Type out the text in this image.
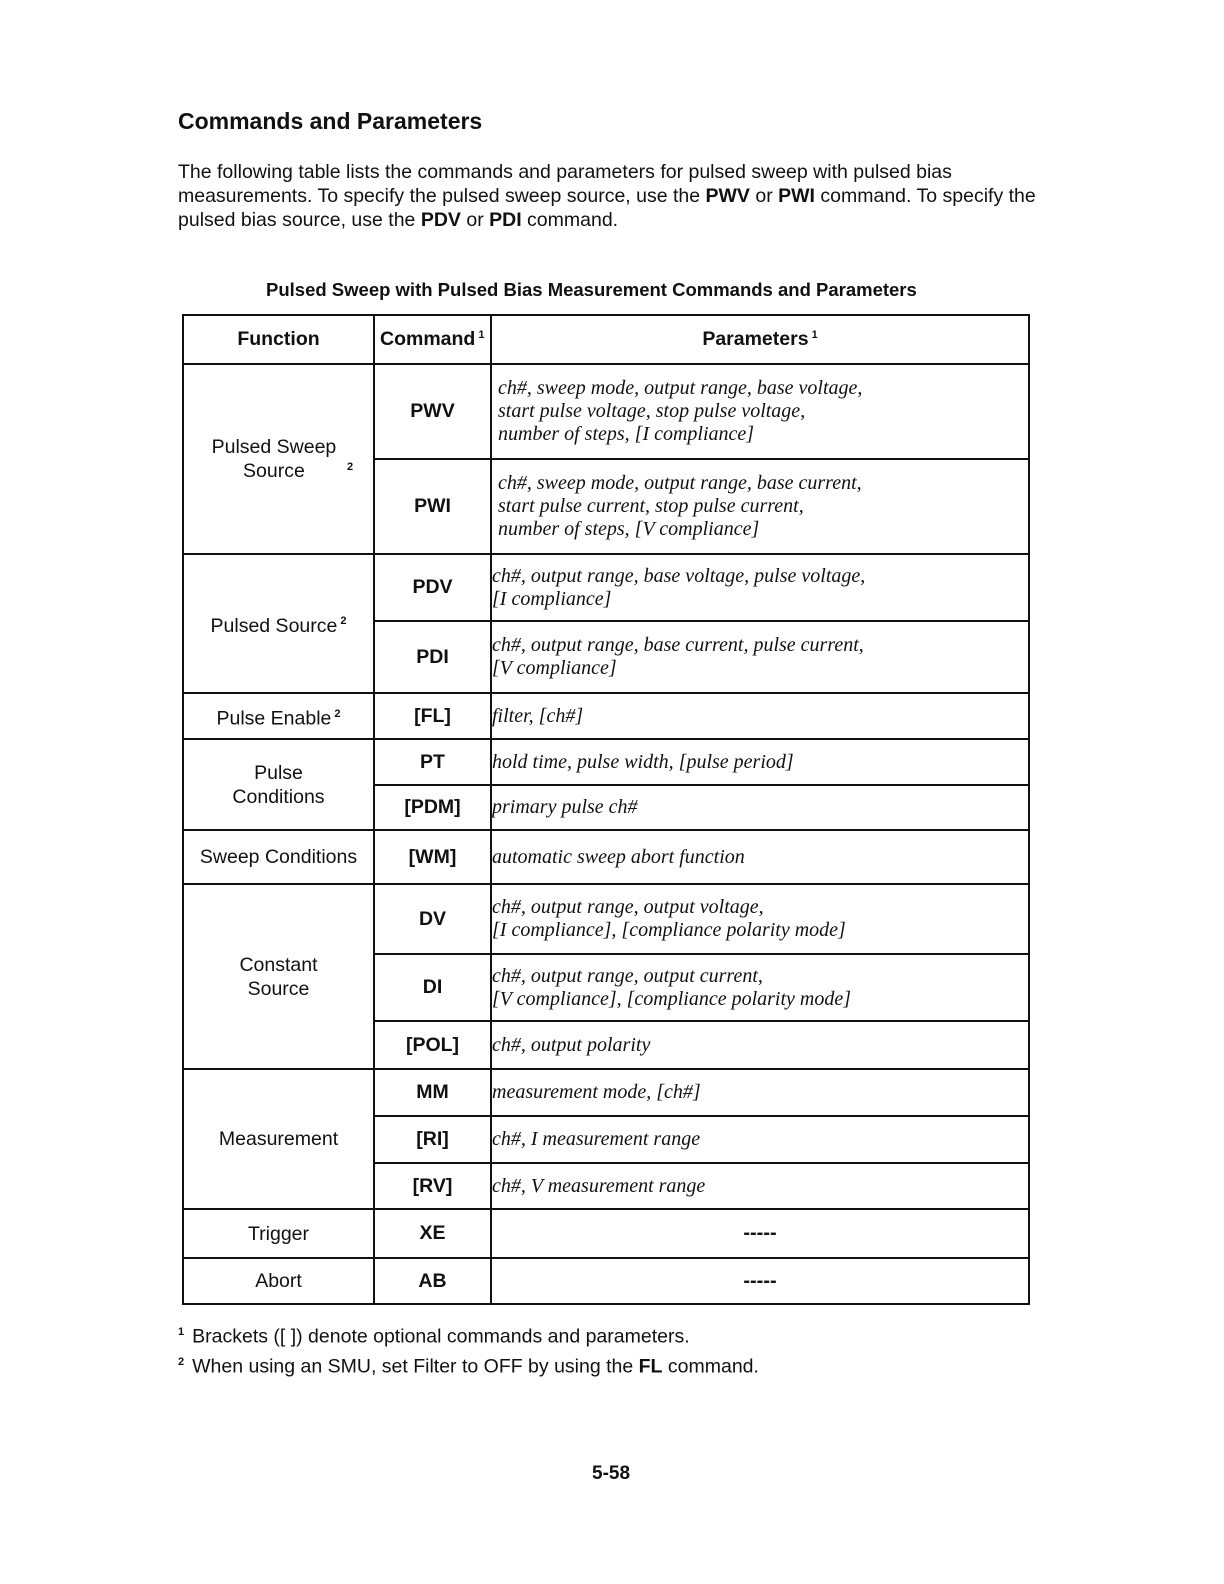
Commands and Parameters

The following table lists the commands and parameters for pulsed sweep with pulsed bias measurements. To specify the pulsed sweep source, use the PWV or PWI command. To specify the pulsed bias source, use the PDV or PDI command.

Pulsed Sweep with Pulsed Bias Measurement Commands and Parameters

Function	Command $^1$	Parameters $^1$
Pulsed Sweep Source $^2$	PWV	ch#, sweep mode, output range, base voltage,
start pulse voltage, stop pulse voltage,
number of steps, [I compliance]

	PWI	ch#, sweep mode, output range, base current,
start pulse current, stop pulse current,
number of steps, [V compliance]

Pulsed Source $^2$	PDV	ch#, output range, base voltage, pulse voltage,
[I compliance]

	PDI	ch#, output range, base current, pulse current,
[V compliance]

Pulse Enable $^2$	[FL]	filter, [ch#]

Pulse Conditions	PT	hold time, pulse width, [pulse period]

	[PDM]	primary pulse ch#

Sweep Conditions	[WM]	automatic sweep abort function

Constant Source	DV	ch#, output range, output voltage,
[I compliance], [compliance polarity mode]

	DI	ch#, output range, output current,
[V compliance], [compliance polarity mode]

	[POL]	ch#, output polarity

Measurement	MM	measurement mode, [ch#]

	[RI]	ch#, I measurement range

	[RV]	ch#, V measurement range

Trigger	XE	-----

Abort	AB	-----
$^1$ Brackets ([ ]) denote optional commands and parameters.
$^2$ When using an SMU, set Filter to OFF by using the FL command.
5-58
